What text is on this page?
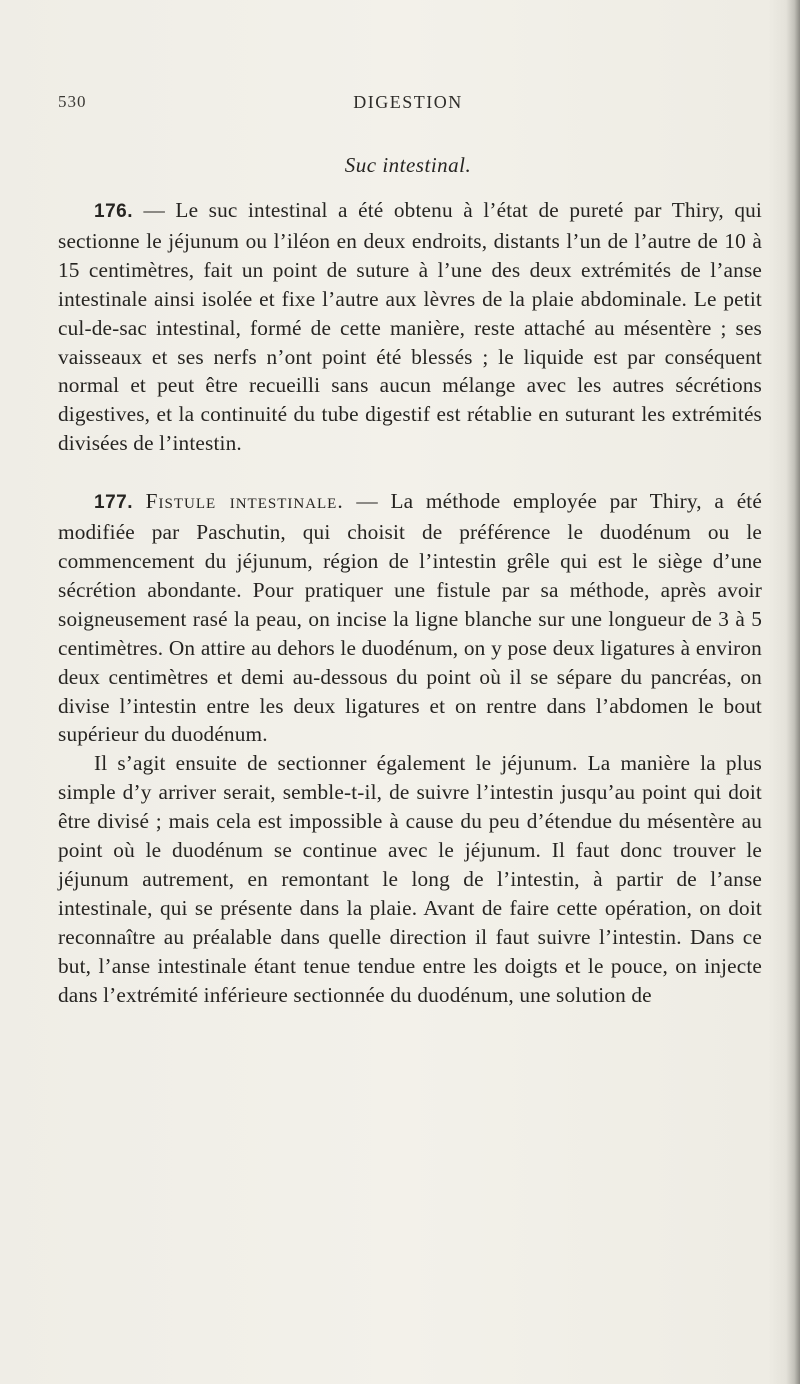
530	DIGESTION
Suc intestinal.

176. — Le suc intestinal a été obtenu à l’état de pureté par Thiry, qui sectionne le jéjunum ou l’iléon en deux endroits, distants l’un de l’autre de 10 à 15 centimètres, fait un point de suture à l’une des deux extrémités de l’anse intestinale ainsi isolée et fixe l’autre aux lèvres de la plaie abdominale. Le petit cul-de-sac intestinal, formé de cette manière, reste attaché au mésentère ; ses vaisseaux et ses nerfs n’ont point été blessés ; le liquide est par conséquent normal et peut être recueilli sans aucun mélange avec les autres sécrétions digestives, et la continuité du tube digestif est rétablie en suturant les extrémités divisées de l’intestin.

177. Fistule intestinale. — La méthode employée par Thiry, a été modifiée par Paschutin, qui choisit de préférence le duodénum ou le commencement du jéjunum, région de l’intestin grêle qui est le siège d’une sécrétion abondante. Pour pratiquer une fistule par sa méthode, après avoir soigneusement rasé la peau, on incise la ligne blanche sur une longueur de 3 à 5 centimètres. On attire au dehors le duodénum, on y pose deux ligatures à environ deux centimètres et demi au-dessous du point où il se sépare du pancréas, on divise l’intestin entre les deux ligatures et on rentre dans l’abdomen le bout supérieur du duodénum.

Il s’agit ensuite de sectionner également le jéjunum. La manière la plus simple d’y arriver serait, semble-t-il, de suivre l’intestin jusqu’au point qui doit être divisé ; mais cela est impossible à cause du peu d’étendue du mésentère au point où le duodénum se continue avec le jéjunum. Il faut donc trouver le jéjunum autrement, en remontant le long de l’intestin, à partir de l’anse intestinale, qui se présente dans la plaie. Avant de faire cette opération, on doit reconnaître au préalable dans quelle direction il faut suivre l’intestin. Dans ce but, l’anse intestinale étant tenue tendue entre les doigts et le pouce, on injecte dans l’extrémité inférieure sectionnée du duodénum, une solution de
